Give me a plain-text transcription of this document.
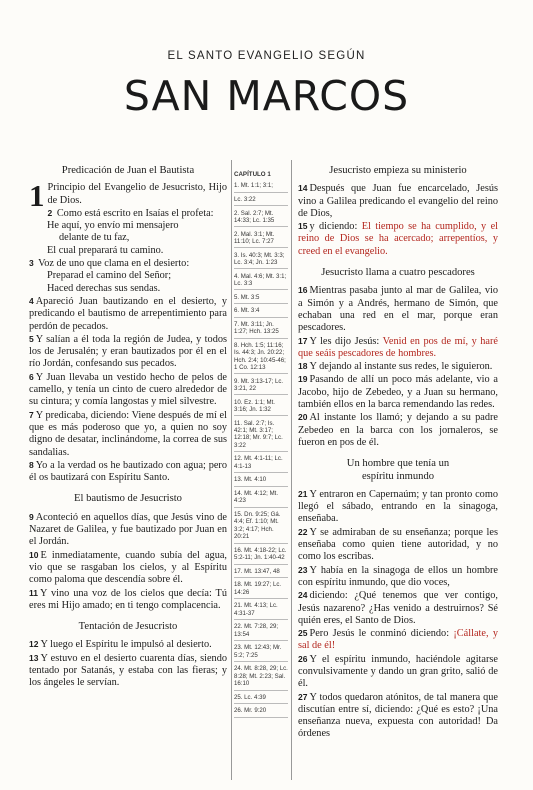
EL SANTO EVANGELIO SEGÚN
SAN MARCOS
Predicación de Juan el Bautista

1 Principio del Evangelio de Jesucristo, Hijo de Dios.

2 Como está escrito en Isaías el profeta:

He aquí, yo envío mi mensajero
delante de tu faz,
El cual preparará tu camino.

3 Voz de uno que clama en el desierto:

Preparad el camino del Señor;
Haced derechas sus sendas.

4 Apareció Juan bautizando en el desierto, y predicando el bautismo de arrepentimiento para perdón de pecados.

5 Y salían a él toda la región de Judea, y todos los de Jerusalén; y eran bautizados por él en el río Jordán, confesando sus pecados.

6 Y Juan llevaba un vestido hecho de pelos de camello, y tenía un cinto de cuero alrededor de su cintura; y comía langostas y miel silvestre.

7 Y predicaba, diciendo: Viene después de mí el que es más poderoso que yo, a quien no soy digno de desatar, inclinándome, la correa de sus sandalias.

8 Yo a la verdad os he bautizado con agua; pero él os bautizará con Espíritu Santo.

El bautismo de Jesucristo

9 Aconteció en aquellos días, que Jesús vino de Nazaret de Galilea, y fue bautizado por Juan en el Jordán.

10 E inmediatamente, cuando subía del agua, vio que se rasgaban los cielos, y al Espíritu como paloma que descendía sobre él.

11 Y vino una voz de los cielos que decía: Tú eres mi Hijo amado; en ti tengo complacencia.

Tentación de Jesucristo

12 Y luego el Espíritu le impulsó al desierto.

13 Y estuvo en el desierto cuarenta días, siendo tentado por Satanás, y estaba con las fieras; y los ángeles le servían.

CAPÍTULO 1
1. Mt. 1:1; 3:1;
Lc. 3:22
2. Sal. 2:7; Mt. 14:33; Lc. 1:35
2. Mal. 3:1; Mt. 11:10; Lc. 7:27
3. Is. 40:3; Mt. 3:3; Lc. 3:4; Jn. 1:23
4. Mal. 4:6; Mt. 3:1; Lc. 3:3
5. Mt. 3:5
6. Mt. 3:4
7. Mt. 3:11; Jn. 1:27; Hch. 13:25
8. Hch. 1:5; 11:16; Is. 44:3; Jn. 20:22; Hch. 2:4; 10:45-46; 1 Co. 12:13
9. Mt. 3:13-17; Lc. 3:21, 22
10. Ez. 1:1; Mt. 3:16; Jn. 1:32
11. Sal. 2:7; Is. 42:1; Mt. 3:17; 12:18; Mr. 9:7; Lc. 3:22
12. Mt. 4:1-11; Lc. 4:1-13
13. Mt. 4:10
14. Mt. 4:12; Mt. 4:23
15. Dn. 9:25; Gá. 4:4; Ef. 1:10; Mt. 3:2; 4:17; Hch. 20:21
16. Mt. 4:18-22; Lc. 5:2-11; Jn. 1:40-42
17. Mt. 13:47, 48
18. Mt. 19:27; Lc. 14:26
21. Mt. 4:13; Lc. 4:31-37
22. Mt. 7:28, 29; 13:54
23. Mt. 12:43; Mr. 5:2; 7:25
24. Mt. 8:28, 29; Lc. 8:28; Mt. 2:23; Sal. 16:10
25. Lc. 4:39
26. Mr. 9:20
Jesucristo empieza su ministerio

14 Después que Juan fue encarcelado, Jesús vino a Galilea predicando el evangelio del reino de Dios,

15 y diciendo: El tiempo se ha cumplido, y el reino de Dios se ha acercado; arrepentíos, y creed en el evangelio.

Jesucristo llama a cuatro pescadores

16 Mientras pasaba junto al mar de Galilea, vio a Simón y a Andrés, hermano de Simón, que echaban una red en el mar, porque eran pescadores.

17 Y les dijo Jesús: Venid en pos de mí, y haré que seáis pescadores de hombres.

18 Y dejando al instante sus redes, le siguieron.

19 Pasando de allí un poco más adelante, vio a Jacobo, hijo de Zebedeo, y a Juan su hermano, también ellos en la barca remendando las redes.

20 Al instante los llamó; y dejando a su padre Zebedeo en la barca con los jornaleros, se fueron en pos de él.

Un hombre que tenía un
espíritu inmundo

21 Y entraron en Capernaúm; y tan pronto como llegó el sábado, entrando en la sinagoga, enseñaba.

22 Y se admiraban de su enseñanza; porque les enseñaba como quien tiene autoridad, y no como los escribas.

23 Y había en la sinagoga de ellos un hombre con espíritu inmundo, que dio voces,

24 diciendo: ¿Qué tenemos que ver contigo, Jesús nazareno? ¿Has venido a destruirnos? Sé quién eres, el Santo de Dios.

25 Pero Jesús le conminó diciendo: ¡Cállate, y sal de él!

26 Y el espíritu inmundo, haciéndole agitarse convulsivamente y dando un gran grito, salió de él.

27 Y todos quedaron atónitos, de tal manera que discutían entre sí, diciendo: ¿Qué es esto? ¡Una enseñanza nueva, expuesta con autoridad! Da órdenes
